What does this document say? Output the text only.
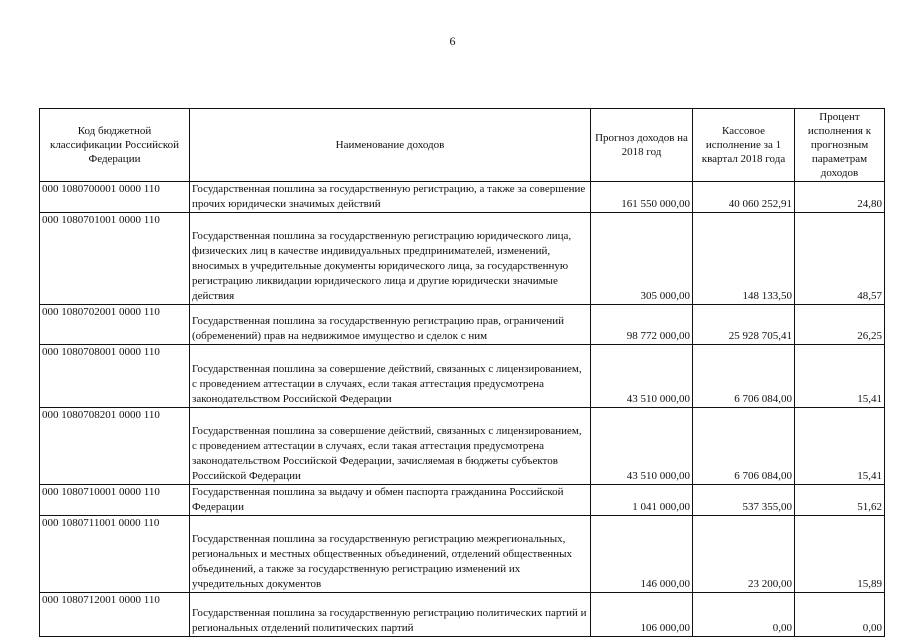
6
Код бюджетной классификации Российской Федерации	Наименование доходов	Прогноз доходов на 2018 год	Кассовое исполнение за 1 квартал 2018 года	Процент исполнения к прогнозным параметрам доходов
000 1080700001 0000 110	Государственная пошлина за государственную регистрацию, а также за совершение прочих юридически значимых действий	161 550 000,00	40 060 252,91	24,80
000 1080701001 0000 110	Государственная пошлина за государственную регистрацию юридического лица, физических лиц в качестве индивидуальных предпринимателей, изменений, вносимых в учредительные документы юридического лица, за государственную регистрацию ликвидации юридического лица и другие юридически значимые действия	305 000,00	148 133,50	48,57
000 1080702001 0000 110	Государственная пошлина за государственную регистрацию прав, ограничений (обременений) прав на недвижимое имущество и сделок с ним	98 772 000,00	25 928 705,41	26,25
000 1080708001 0000 110	Государственная пошлина за совершение действий, связанных с лицензированием, с проведением аттестации в случаях, если такая аттестация предусмотрена законодательством Российской Федерации	43 510 000,00	6 706 084,00	15,41
000 1080708201 0000 110	Государственная пошлина за совершение действий, связанных с лицензированием, с проведением аттестации в случаях, если такая аттестация предусмотрена законодательством Российской Федерации, зачисляемая в бюджеты субъектов Российской Федерации	43 510 000,00	6 706 084,00	15,41
000 1080710001 0000 110	Государственная пошлина за выдачу и обмен паспорта гражданина Российской Федерации	1 041 000,00	537 355,00	51,62
000 1080711001 0000 110	Государственная пошлина за государственную регистрацию межрегиональных, региональных и местных общественных объединений, отделений общественных объединений, а также за государственную регистрацию изменений их учредительных документов	146 000,00	23 200,00	15,89
000 1080712001 0000 110	Государственная пошлина за государственную регистрацию политических партий и региональных отделений политических партий	106 000,00	0,00	0,00
